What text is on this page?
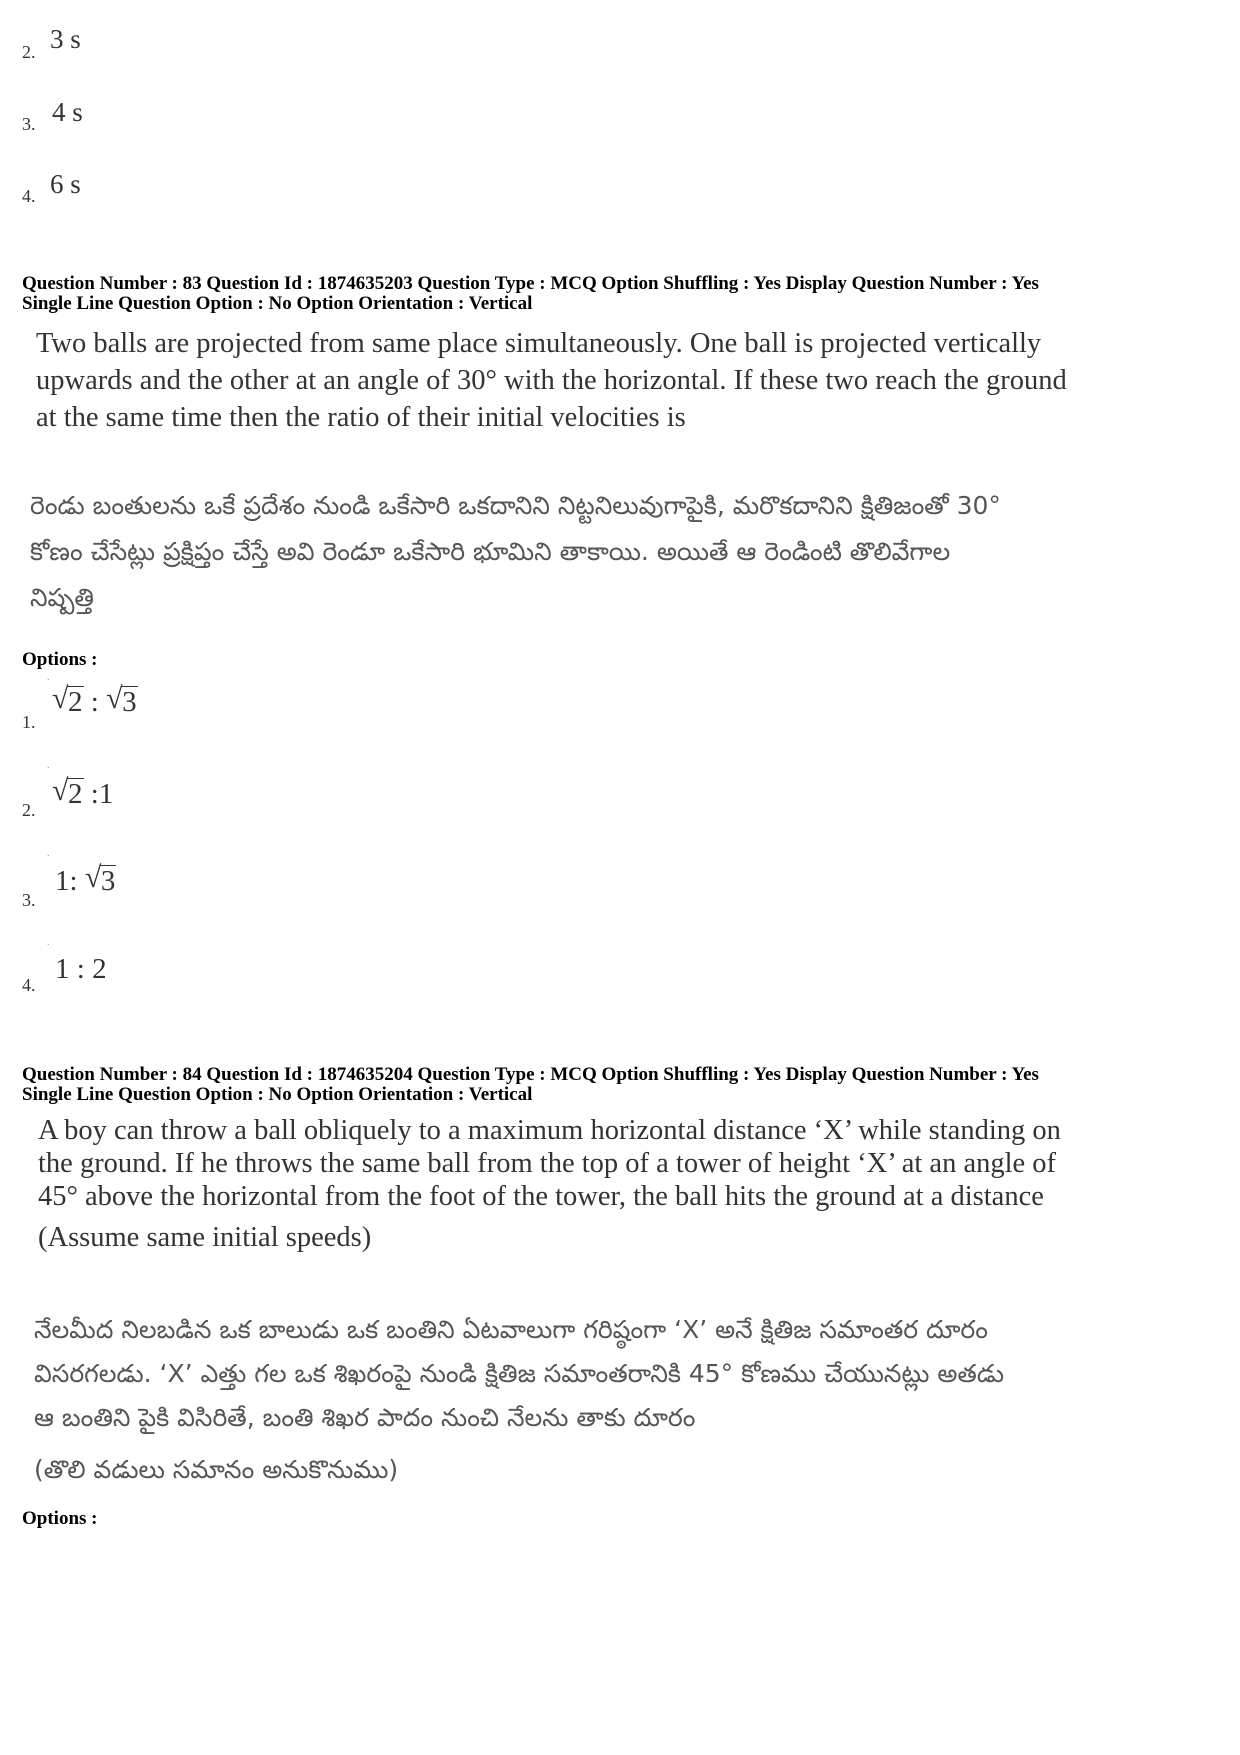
2. 3 s
3. 4 s
4. 6 s
Question Number : 83 Question Id : 1874635203 Question Type : MCQ Option Shuffling : Yes Display Question Number : Yes
Single Line Question Option : No Option Orientation : Vertical
Two balls are projected from same place simultaneously. One ball is projected vertically
upwards and the other at an angle of 30° with the horizontal. If these two reach the ground
at the same time then the ratio of their initial velocities is
రెండు బంతులను ఒకే ప్రదేశం నుండి ఒకేసారి ఒకదానిని నిట్టనిలువుగాపైకి, మరొకదానిని క్షితిజంతో 30°
కోణం చేసేట్లు ప్రక్షిప్తం చేస్తే అవి రెండూ ఒకేసారి భూమిని తాకాయి. అయితే ఆ రెండింటి తొలివేగాల
నిష్పత్తి
Options :
1.
.
√ 2 : √ 3
2.
.
√ 2 :1
3.
.
1: √ 3
4.
.
1 : 2
Question Number : 84 Question Id : 1874635204 Question Type : MCQ Option Shuffling : Yes Display Question Number : Yes
Single Line Question Option : No Option Orientation : Vertical
A boy can throw a ball obliquely to a maximum horizontal distance ‘X’ while standing on
the ground. If he throws the same ball from the top of a tower of height ‘X’ at an angle of
45° above the horizontal from the foot of the tower, the ball hits the ground at a distance
(Assume same initial speeds)
నేలమీద నిలబడిన ఒక బాలుడు ఒక బంతిని ఏటవాలుగా గరిష్ఠంగా ‘X’ అనే క్షితిజ సమాంతర దూరం
విసరగలడు. ‘X’ ఎత్తు గల ఒక శిఖరంపై నుండి క్షితిజ సమాంతరానికి 45° కోణము చేయునట్లు అతడు
ఆ బంతిని పైకి విసిరితే, బంతి శిఖర పాదం నుంచి నేలను తాకు దూరం
(తొలి వడులు సమానం అనుకొనుము)
Options :
